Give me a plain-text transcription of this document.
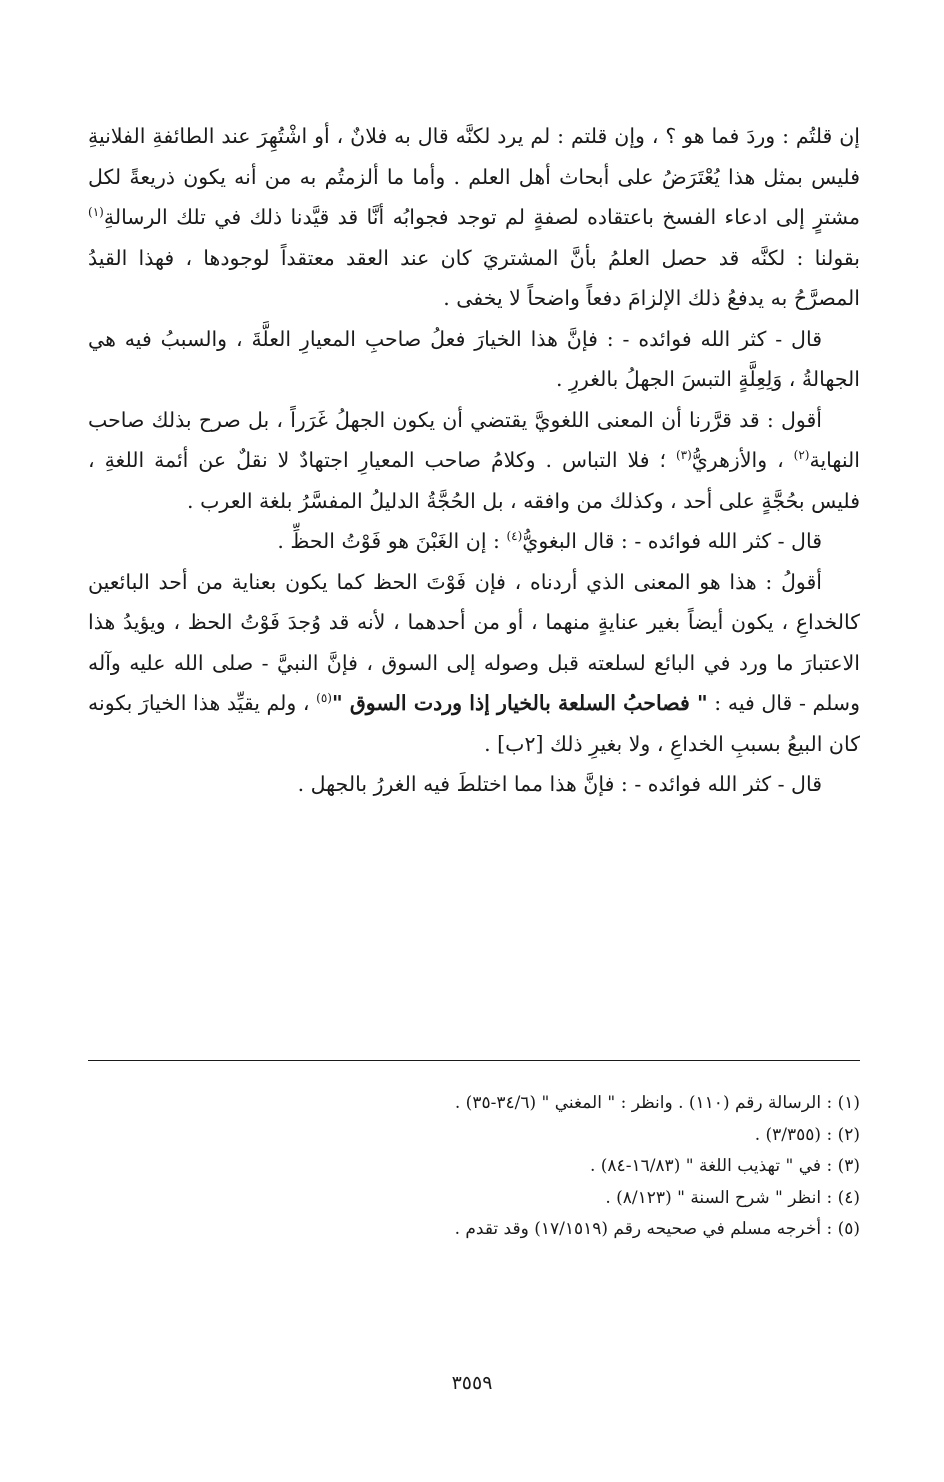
إن قلتُم : وردَ فما هو ؟ ، وإن قلتم : لم يرد لكنَّه قال به فلانٌ ، أو اشْتُهِرَ عند الطائفةِ الفلانيةِ فليس بمثل هذا يُعْتَرَضُ على أبحاث أهل العلم . وأما ما ألزمتُم به من أنه يكون ذريعةً لكل مشترٍ إلى ادعاء الفسخ باعتقاده لصفةٍ لم توجد فجوابُه أنَّا قد قيَّدنا ذلك في تلك الرسالةِ$^{(١)}$ بقولنا : لكنَّه قد حصل العلمُ بأنَّ المشتريَ كان عند العقد معتقداً لوجودها ، فهذا القيدُ المصرَّحُ به يدفعُ ذلك الإلزامَ دفعاً واضحاً لا يخفى .

قال - كثر الله فوائده - : فإنَّ هذا الخيارَ فعلُ صاحبِ المعيارِ العلَّةَ ، والسببُ فيه هي الجهالةُ ، وَلِعِلَّةٍ التبسَ الجهلُ بالغررِ .

أقول : قد قرَّرنا أن المعنى اللغويَّ يقتضي أن يكون الجهلُ غَرَراً ، بل صرح بذلك صاحب النهاية$^{(٢)}$ ، والأزهريُّ$^{(٣)}$ ؛ فلا التباس . وكلامُ صاحب المعيارِ اجتهادٌ لا نقلٌ عن أئمة اللغةِ ، فليس بحُجَّةٍ على أحد ، وكذلك من وافقه ، بل الحُجَّةُ الدليلُ المفسَّرُ بلغة العرب .

قال - كثر الله فوائده - : قال البغويُّ$^{(٤)}$ : إن الغَبْنَ هو فَوْتُ الحظِّ .

أقولُ : هذا هو المعنى الذي أردناه ، فإن فَوْتَ الحظ كما يكون بعناية من أحد البائعين كالخداعِ ، يكون أيضاً بغير عنايةٍ منهما ، أو من أحدهما ، لأنه قد وُجدَ فَوْتُ الحظ ، ويؤيدُ هذا الاعتبارَ ما ورد في البائع لسلعته قبل وصوله إلى السوق ، فإنَّ النبيَّ - صلى الله عليه وآله وسلم - قال فيه : " فصاحبُ السلعة بالخيار إذا وردت السوق "$^{(٥)}$ ، ولم يقيِّد هذا الخيارَ بكونه كان البيعُ بسببِ الخداعِ ، ولا بغيرِ ذلك [٢ب] .

قال - كثر الله فوائده - : فإنَّ هذا مما اختلطَ فيه الغررُ بالجهل .

(١) : الرسالة رقم (١١٠) . وانظر : " المغني " (٣٤/٦-٣٥) .

(٢) : (٣/٣٥٥) .

(٣) : في " تهذيب اللغة " (١٦/٨٣-٨٤) .

(٤) : انظر " شرح السنة " (٨/١٢٣) .

(٥) : أخرجه مسلم في صحيحه رقم (١٧/١٥١٩) وقد تقدم .

٣٥٥٩
